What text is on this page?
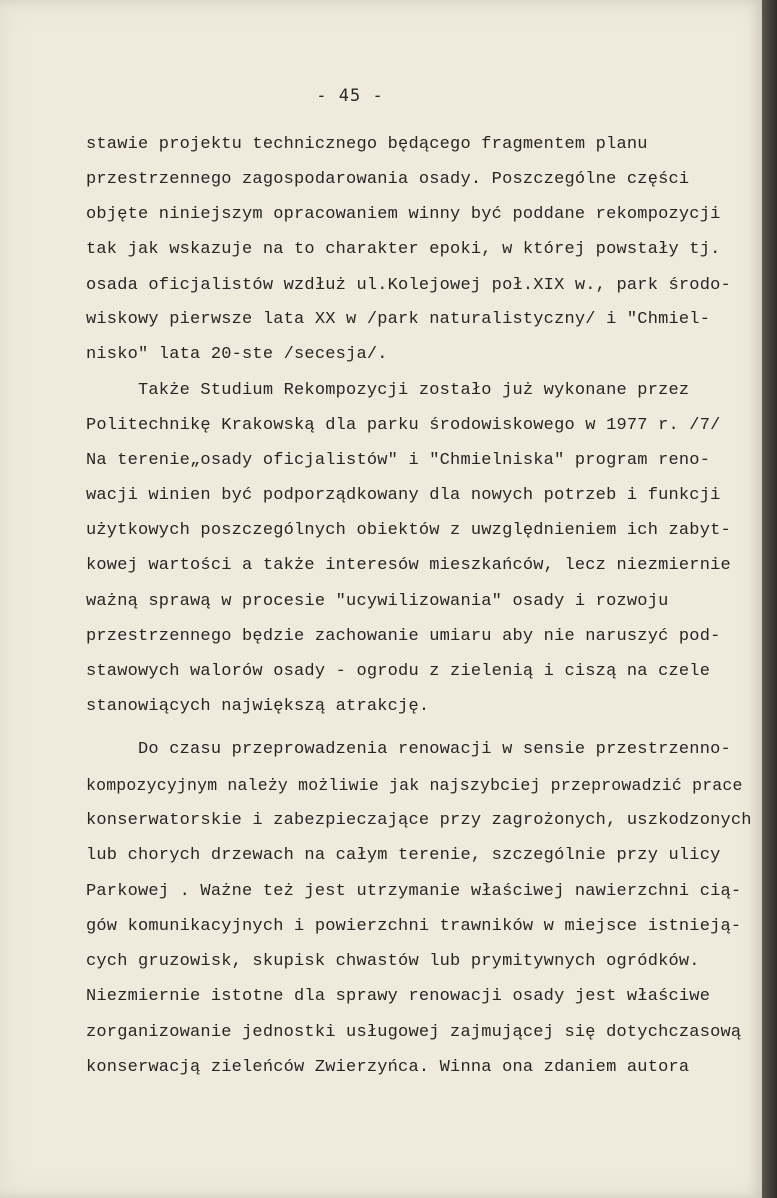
- 45 -
stawie projektu technicznego będącego fragmentem planu
przestrzennego zagospodarowania osady. Poszczególne części
objęte niniejszym opracowaniem winny być poddane rekompozycji
tak jak wskazuje na to charakter epoki, w której powstały tj.
osada oficjalistów wzdłuż ul.Kolejowej poł.XIX w., park środo-
wiskowy pierwsze lata XX w /park naturalistyczny/ i "Chmiel-
nisko" lata 20-ste /secesja/.
Także Studium Rekompozycji zostało już wykonane przez
Politechnikę Krakowską dla parku środowiskowego w 1977 r. /7/
Na terenie„osady oficjalistów" i "Chmielniska" program reno-
wacji winien być podporządkowany dla nowych potrzeb i funkcji
użytkowych poszczególnych obiektów z uwzględnieniem ich zabyt-
kowej wartości a także interesów mieszkańców, lecz niezmiernie
ważną sprawą w procesie "ucywilizowania" osady i rozwoju
przestrzennego będzie zachowanie umiaru aby nie naruszyć pod-
stawowych walorów osady - ogrodu z zielenią i ciszą na czele
stanowiących największą atrakcję.
Do czasu przeprowadzenia renowacji w sensie przestrzenno-
kompozycyjnym należy możliwie jak najszybciej przeprowadzić prace
konserwatorskie i zabezpieczające przy zagrożonych, uszkodzonych
lub chorych drzewach na całym terenie, szczególnie przy ulicy
Parkowej . Ważne też jest utrzymanie właściwej nawierzchni cią-
gów komunikacyjnych i powierzchni trawników w miejsce istnieją-
cych gruzowisk, skupisk chwastów lub prymitywnych ogródków.
Niezmiernie istotne dla sprawy renowacji osady jest właściwe
zorganizowanie jednostki usługowej zajmującej się dotychczasową
konserwacją zieleńców Zwierzyńca. Winna ona zdaniem autora
